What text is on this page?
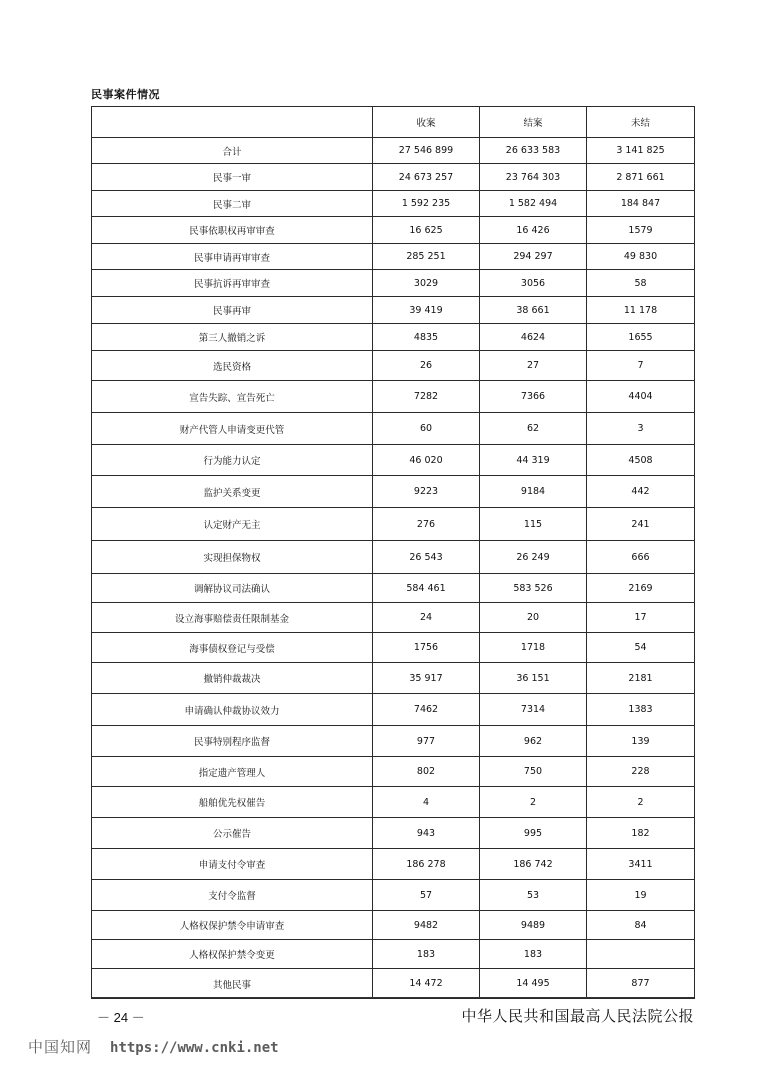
民事案件情况
	收案	结案	未结
合计	27 546 899	26 633 583	3 141 825
民事一审	24 673 257	23 764 303	2 871 661
民事二审	1 592 235	1 582 494	184 847
民事依职权再审审查	16 625	16 426	1579
民事申请再审审查	285 251	294 297	49 830
民事抗诉再审审查	3029	3056	58
民事再审	39 419	38 661	11 178
第三人撤销之诉	4835	4624	1655
选民资格	26	27	7
宣告失踪、宣告死亡	7282	7366	4404
财产代管人申请变更代管	60	62	3
行为能力认定	46 020	44 319	4508
监护关系变更	9223	9184	442
认定财产无主	276	115	241
实现担保物权	26 543	26 249	666
调解协议司法确认	584 461	583 526	2169
设立海事赔偿责任限制基金	24	20	17
海事债权登记与受偿	1756	1718	54
撤销仲裁裁决	35 917	36 151	2181
申请确认仲裁协议效力	7462	7314	1383
民事特别程序监督	977	962	139
指定遗产管理人	802	750	228
船舶优先权催告	4	2	2
公示催告	943	995	182
申请支付令审查	186 278	186 742	3411
支付令监督	57	53	19
人格权保护禁令申请审查	9482	9489	84
人格权保护禁令变更	183	183	
其他民事	14 472	14 495	877
－ 24 －	中华人民共和国最高人民法院公报
中国知网 https://www.cnki.net
